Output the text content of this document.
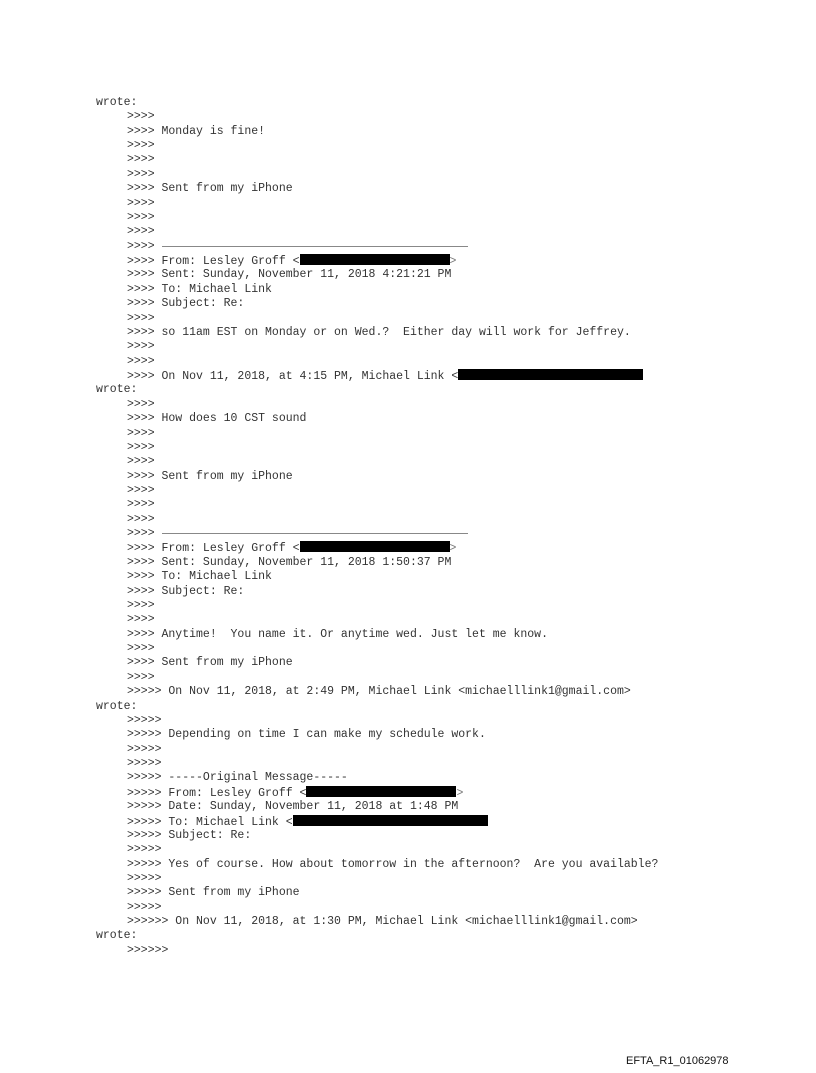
wrote:
>>>>
>>>> Monday is fine!
>>>>
>>>>
>>>>
>>>> Sent from my iPhone
>>>>
>>>>
>>>>
>>>>
>>>> From: Lesley Groff <	>
>>>> Sent: Sunday, November 11, 2018 4:21:21 PM
>>>> To: Michael Link
>>>> Subject: Re:
>>>>
>>>> so 11am EST on Monday or on Wed.?  Either day will work for Jeffrey.
>>>>
>>>>
>>>> On Nov 11, 2018, at 4:15 PM, Michael Link <
wrote:
>>>>
>>>> How does 10 CST sound
>>>>
>>>>
>>>>
>>>> Sent from my iPhone
>>>>
>>>>
>>>>
>>>>
>>>> From: Lesley Groff <	>
>>>> Sent: Sunday, November 11, 2018 1:50:37 PM
>>>> To: Michael Link
>>>> Subject: Re:
>>>>
>>>>
>>>> Anytime!  You name it. Or anytime wed. Just let me know.
>>>>
>>>> Sent from my iPhone
>>>>
>>>>> On Nov 11, 2018, at 2:49 PM, Michael Link <michaelllink1@gmail.com>
wrote:
>>>>>
>>>>> Depending on time I can make my schedule work.
>>>>>
>>>>>
>>>>> -----Original Message-----
>>>>> From: Lesley Groff <	>
>>>>> Date: Sunday, November 11, 2018 at 1:48 PM
>>>>> To: Michael Link <
>>>>> Subject: Re:
>>>>>
>>>>> Yes of course. How about tomorrow in the afternoon?  Are you available?
>>>>>
>>>>> Sent from my iPhone
>>>>>
>>>>>> On Nov 11, 2018, at 1:30 PM, Michael Link <michaelllink1@gmail.com>
wrote:
>>>>>>
EFTA_R1_01062978
